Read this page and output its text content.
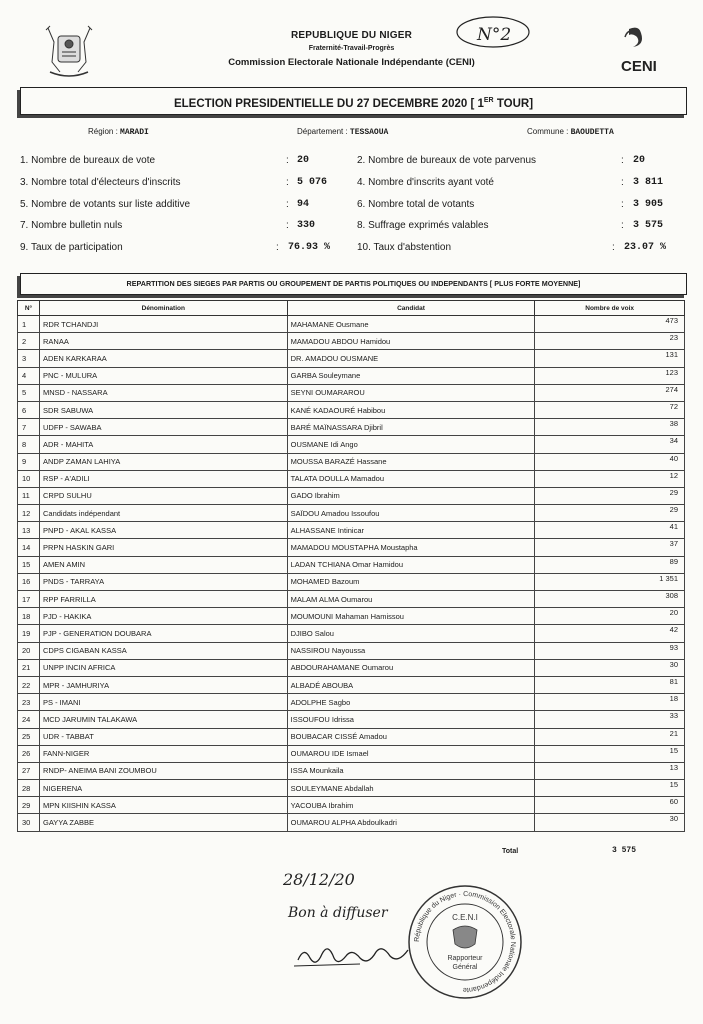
REPUBLIQUE DU NIGER
Fraternité-Travail-Progrès
Commission Electorale Nationale Indépendante (CENI)
N°2
CENI
ELECTION PRESIDENTIELLE DU 27 DECEMBRE 2020 [ 1ER TOUR]
Région : MARADI	Département : TESSAOUA	Commune : BAOUDETTA
1. Nombre de bureaux de vote	: 20
3. Nombre total d'électeurs d'inscrits	: 5 076
5. Nombre de votants sur liste additive	: 94
7. Nombre bulletin nuls	: 330
9. Taux de participation	: 76.93 %
2. Nombre de bureaux de vote parvenus	: 20
4. Nombre d'inscrits ayant voté	: 3 811
6. Nombre total de votants	: 3 905
8. Suffrage exprimés valables	: 3 575
10. Taux d'abstention	: 23.07 %
REPARTITION DES SIEGES PAR PARTIS OU GROUPEMENT DE PARTIS POLITIQUES OU INDEPENDANTS [ PLUS FORTE MOYENNE]
N°	Dénomination	Candidat	Nombre de voix
1	RDR TCHANDJI	MAHAMANE Ousmane	473
2	RANAA	MAMADOU ABDOU Hamidou	23
3	ADEN KARKARAA	DR. AMADOU OUSMANE	131
4	PNC - MULURA	GARBA Souleymane	123
5	MNSD - NASSARA	SEYNI OUMARAROU	274
6	SDR SABUWA	KANÉ KADAOURÉ Habibou	72
7	UDFP - SAWABA	BARÉ MAÏNASSARA Djibril	38
8	ADR - MAHITA	OUSMANE Idi Ango	34
9	ANDP ZAMAN LAHIYA	MOUSSA BARAZÉ Hassane	40
10	RSP - A'ADILI	TALATA DOULLA Mamadou	12
11	CRPD SULHU	GADO Ibrahim	29
12	Candidats indépendant	SAÏDOU Amadou Issoufou	29
13	PNPD - AKAL KASSA	ALHASSANE Intinicar	41
14	PRPN HASKIN GARI	MAMADOU MOUSTAPHA Moustapha	37
15	AMEN AMIN	LADAN TCHIANA Omar Hamidou	89
16	PNDS - TARRAYA	MOHAMED Bazoum	1 351
17	RPP FARRILLA	MALAM ALMA Oumarou	308
18	PJD - HAKIKA	MOUMOUNI Mahaman Hamissou	20
19	PJP - GENERATION DOUBARA	DJIBO Salou	42
20	CDPS CIGABAN KASSA	NASSIROU Nayoussa	93
21	UNPP INCIN AFRICA	ABDOURAHAMANE Oumarou	30
22	MPR - JAMHURIYA	ALBADÉ ABOUBA	81
23	PS - IMANI	ADOLPHE Sagbo	18
24	MCD JARUMIN TALAKAWA	ISSOUFOU Idrissa	33
25	UDR - TABBAT	BOUBACAR CISSÉ Amadou	21
26	FANN-NIGER	OUMAROU IDE Ismael	15
27	RNDP- ANEIMA BANI ZOUMBOU	ISSA Mounkaila	13
28	NIGERENA	SOULEYMANE Abdallah	15
29	MPN KIISHIN KASSA	YACOUBA Ibrahim	60
30	GAYYA ZABBE	OUMAROU ALPHA Abdoulkadri	30
Total	3 575
28/12/20
Bon à diffuser
République du Niger · Commission Electorale Nationale Indépendante
C.E.N.I
Rapporteur
Général
